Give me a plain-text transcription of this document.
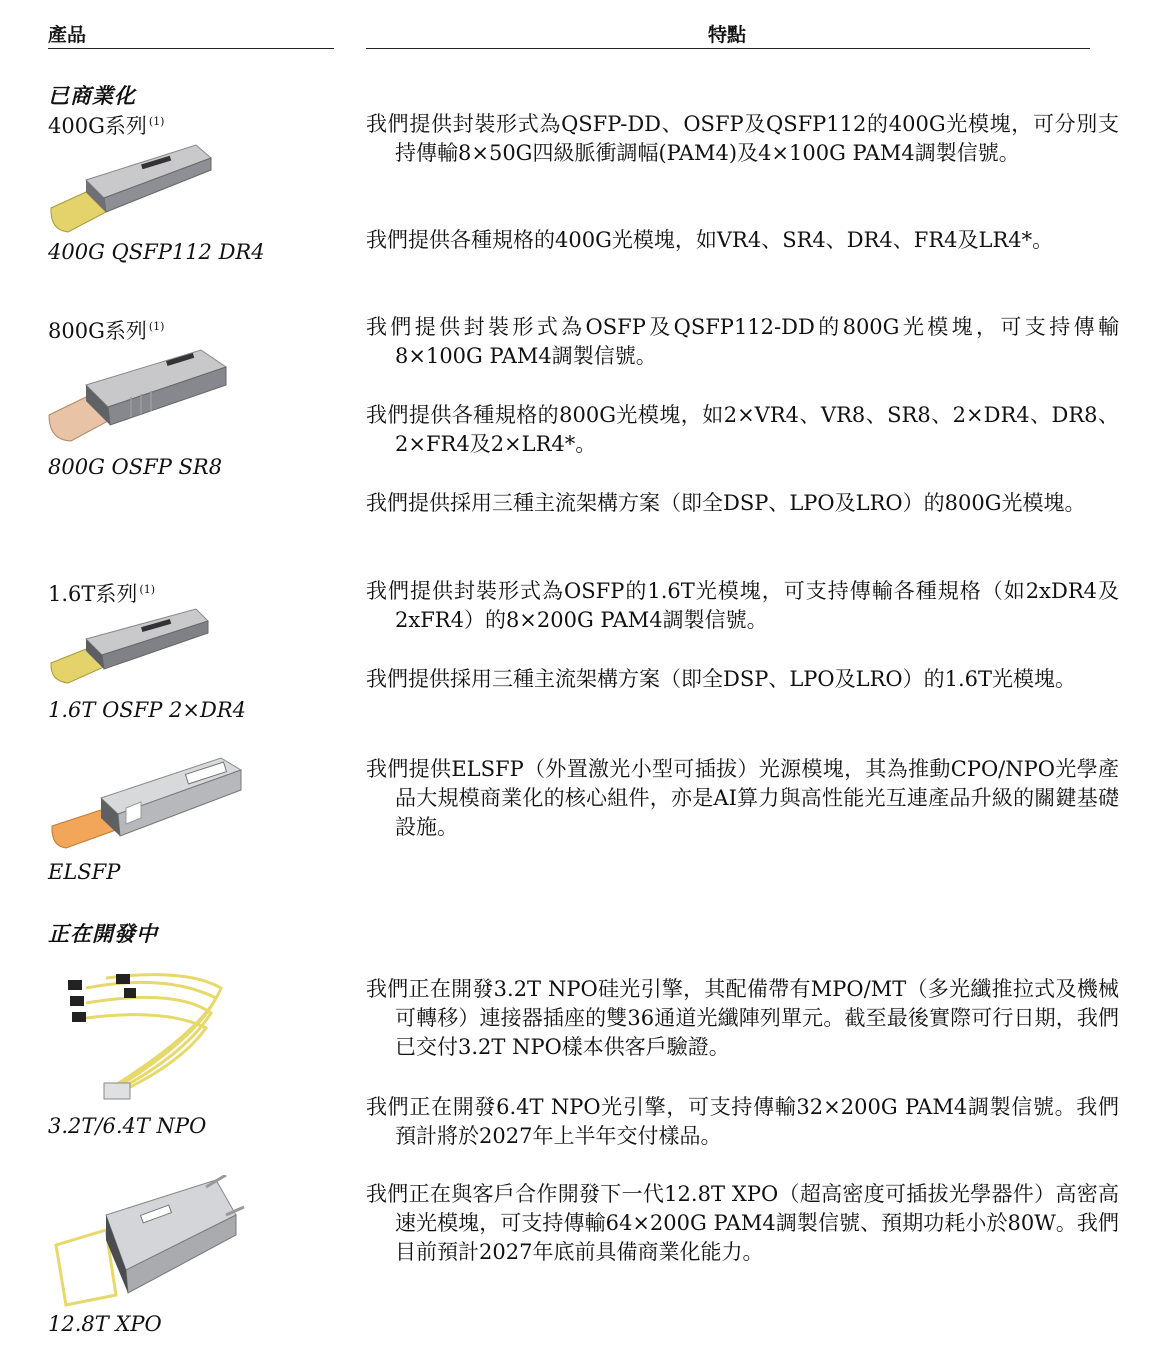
產品	特點
已商業化
400G系列 $^{(1)}$
400G QSFP112 DR4
我們提供封裝形式為QSFP-DD、OSFP及QSFP112的400G光模塊，可分別支持傳輸8×50G四級脈衝調幅(PAM4)及4×100G PAM4調製信號。
我們提供各種規格的400G光模塊，如VR4、SR4、DR4、FR4及LR4*。
800G系列 $^{(1)}$
800G OSFP SR8
我們提供封裝形式為OSFP及QSFP112-DD的800G光模塊，可支持傳輸8×100G PAM4調製信號。
我們提供各種規格的800G光模塊，如2×VR4、VR8、SR8、2×DR4、DR8、2×FR4及2×LR4*。
我們提供採用三種主流架構方案（即全DSP、LPO及LRO）的800G光模塊。
1.6T系列 $^{(1)}$
1.6T OSFP 2×DR4
我們提供封裝形式為OSFP的1.6T光模塊，可支持傳輸各種規格（如2xDR4及2xFR4）的8×200G PAM4調製信號。
我們提供採用三種主流架構方案（即全DSP、LPO及LRO）的1.6T光模塊。
ELSFP
我們提供ELSFP（外置激光小型可插拔）光源模塊，其為推動CPO/NPO光學產品大規模商業化的核心組件，亦是AI算力與高性能光互連產品升級的關鍵基礎設施。
正在開發中
3.2T/6.4T NPO
我們正在開發3.2T NPO硅光引擎，其配備帶有MPO/MT（多光纖推拉式及機械可轉移）連接器插座的雙36通道光纖陣列單元。截至最後實際可行日期，我們已交付3.2T NPO樣本供客戶驗證。
我們正在開發6.4T NPO光引擎，可支持傳輸32×200G PAM4調製信號。我們預計將於2027年上半年交付樣品。
12.8T XPO
我們正在與客戶合作開發下一代12.8T XPO（超高密度可插拔光學器件）高密高速光模塊，可支持傳輸64×200G PAM4調製信號、預期功耗小於80W。我們目前預計2027年底前具備商業化能力。
